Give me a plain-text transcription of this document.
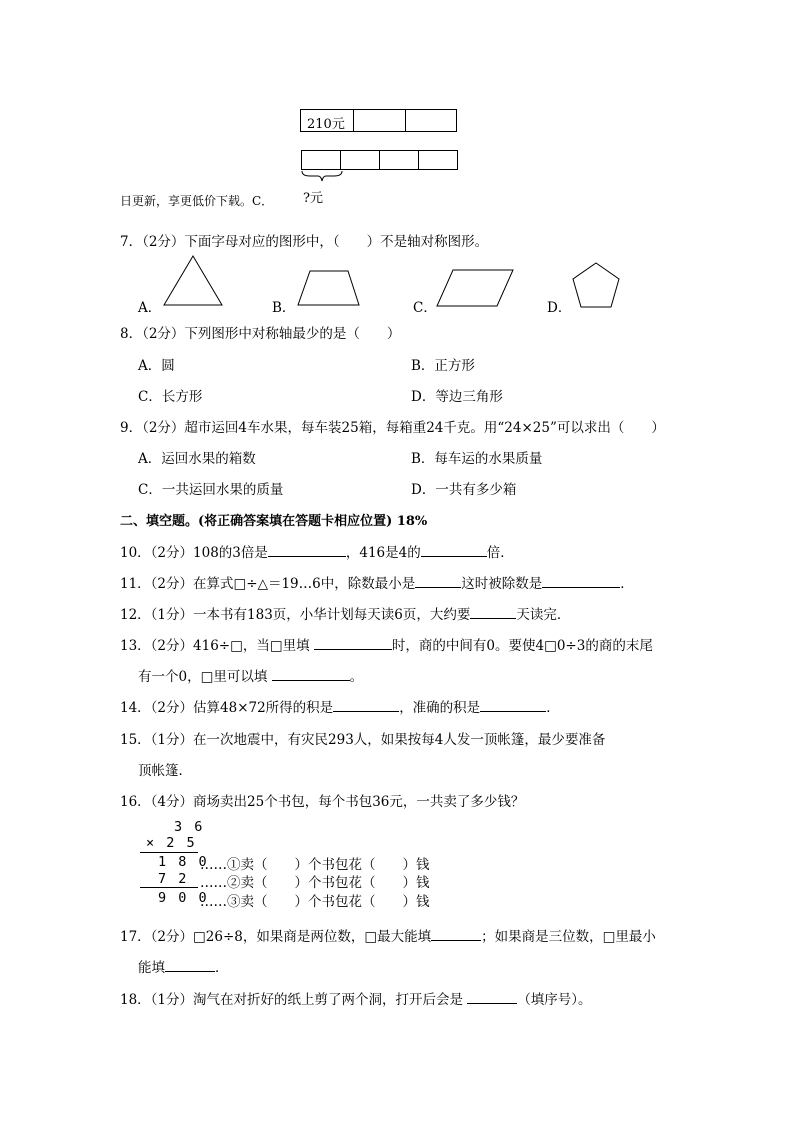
210元
?元
日更新，享更低价下载。C．
7．（2分）下面字母对应的图形中，（　　）不是轴对称图形。
A．	B．	C．	D．
8．（2分）下列图形中对称轴最少的是（　　）
A．圆	B．正方形
C．长方形	D．等边三角形
9．（2分）超市运回4车水果，每车装25箱，每箱重24千克。用“24×25”可以求出（　　）
A．运回水果的箱数	B．每车运的水果质量
C．一共运回水果的质量	D．一共有多少箱
二、填空题。(将正确答案填在答题卡相应位置) 18%
10．（2分）108的3倍是	，416是4的	倍．
11．（2分）在算式□÷△＝19…6中，除数最小是	这时被除数是	．
12．（1分）一本书有183页，小华计划每天读6页，大约要	天读完．
13．（2分）416÷□，当□里填	时，商的中间有0。要使4□0÷3的商的末尾
有一个0，□里可以填	。
14．（2分）估算48×72所得的积是	，准确的积是	．
15．（1分）在一次地震中，有灾民293人，如果按每4人发一顶帐篷，最少要准备
顶帐篷．
16．（4分）商场卖出25个书包，每个书包36元，一共卖了多少钱？
3 6
× 2 5
1 8 0
7 2
9 0 0
……①卖（　　）个书包花（　　）钱
……②卖（　　）个书包花（　　）钱
……③卖（　　）个书包花（　　）钱
17．（2分）□26÷8，如果商是两位数，□最大能填	；如果商是三位数，□里最小
能填	．
18．（1分）淘气在对折好的纸上剪了两个洞，打开后会是	（填序号）。
